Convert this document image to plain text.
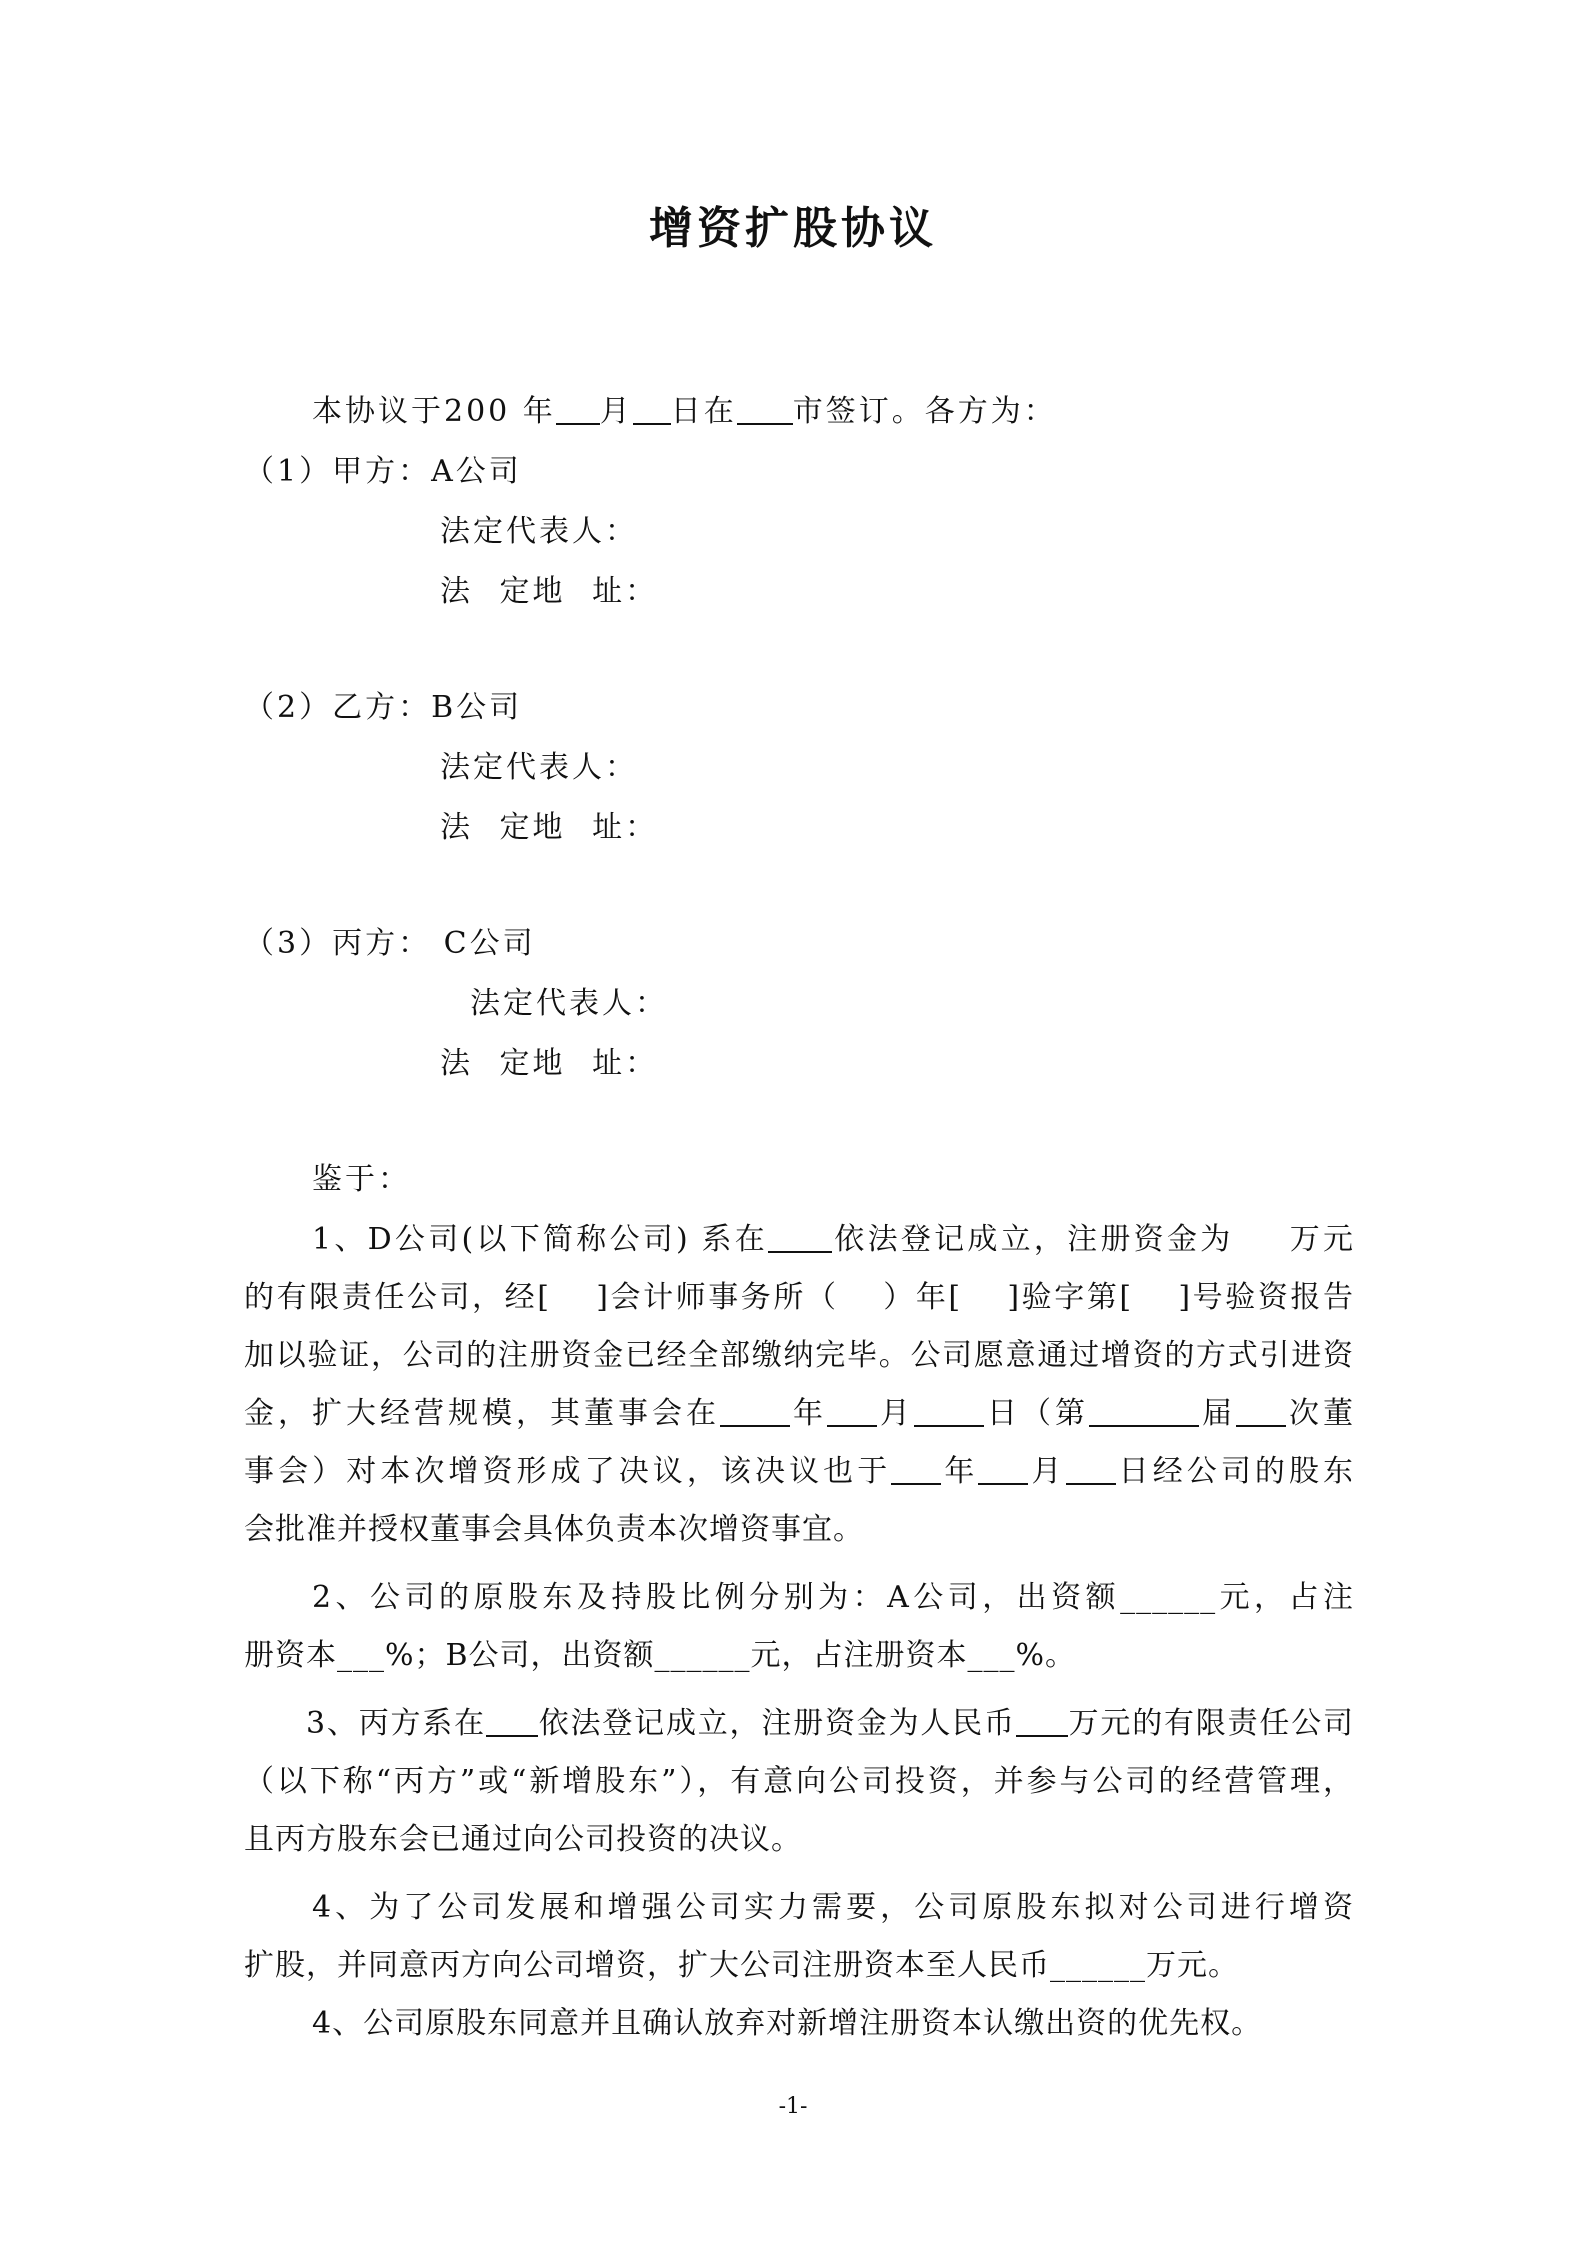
增资扩股协议
本协议于200 年 月 日在 市签订。各方为：
（1）甲方：A公司
法定代表人：
法 定地 址：
（2）乙方：B公司
法定代表人：
法 定地 址：
（3）丙方： C公司
法定代表人：
法 定地 址：
鉴于：
1、D公司(以下简称公司) 系在 依法登记成立，注册资金为 万元
的有限责任公司，经[　 ]会计师事务所（　 ）年[　 ]验字第[　 ]号验资报告
加以验证，公司的注册资金已经全部缴纳完毕。公司愿意通过增资的方式引进资
金，扩大经营规模，其董事会在 年 月 日（第	届 次董
事会）对本次增资形成了决议，该决议也于 年 月 日经公司的股东
会批准并授权董事会具体负责本次增资事宜。
2、公司的原股东及持股比例分别为：A公司，出资额______元，占注
册资本___%；B公司，出资额______元，占注册资本___%。
3、丙方系在 依法登记成立，注册资金为人民币 万元的有限责任公司
（以下称“丙方”或“新增股东”），有意向公司投资，并参与公司的经营管理，
且丙方股东会已通过向公司投资的决议。
4、为了公司发展和增强公司实力需要，公司原股东拟对公司进行增资
扩股，并同意丙方向公司增资，扩大公司注册资本至人民币______万元。
4、公司原股东同意并且确认放弃对新增注册资本认缴出资的优先权。
-1-
